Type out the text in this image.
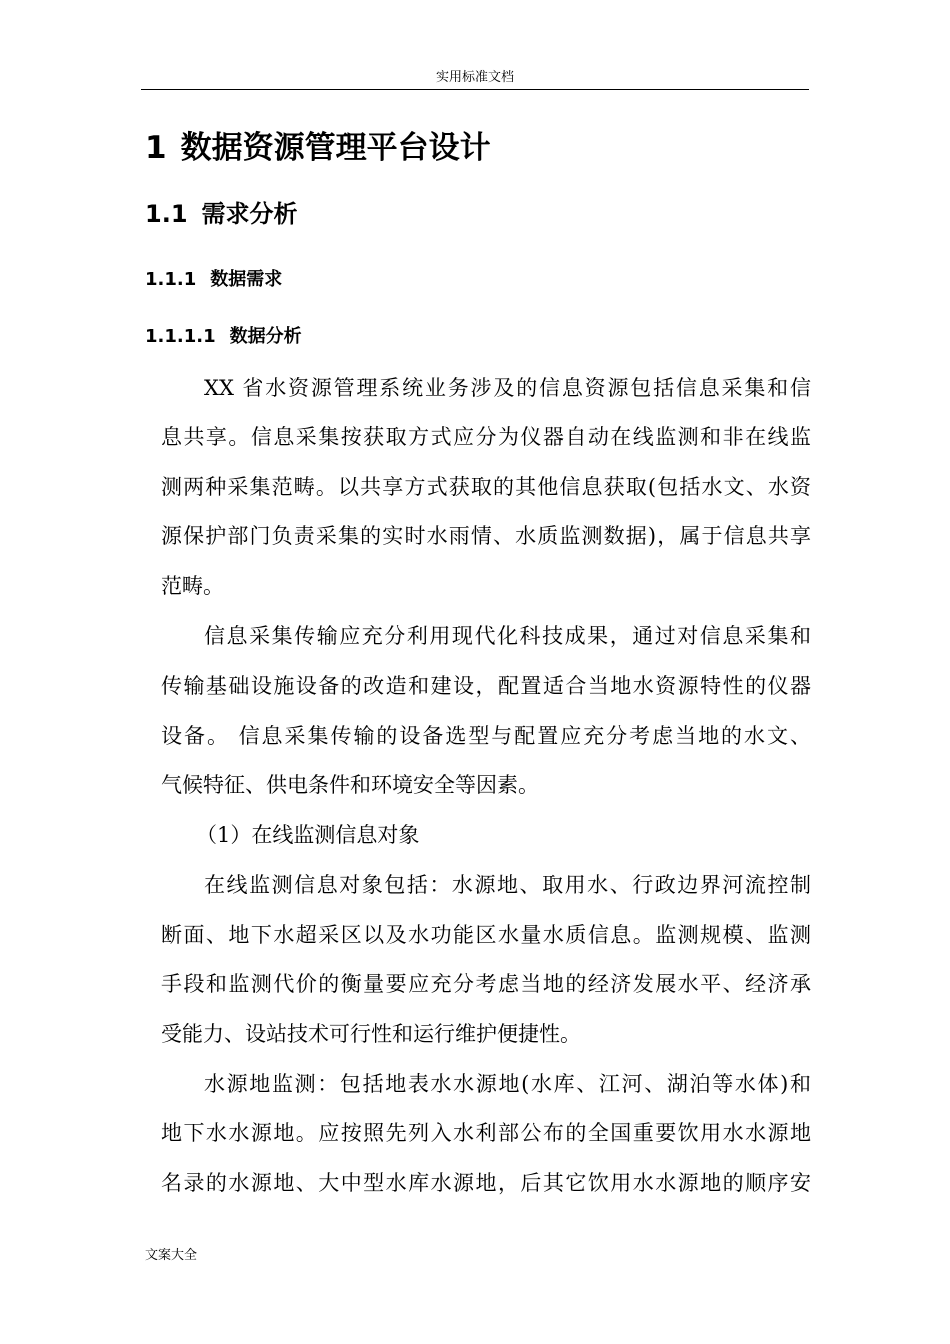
实用标准文档
1 数据资源管理平台设计
1.1 需求分析
1.1.1 数据需求
1.1.1.1 数据分析
XX 省水资源管理系统业务涉及的信息资源包括信息采集和信
息共享。信息采集按获取方式应分为仪器自动在线监测和非在线监
测两种采集范畴。以共享方式获取的其他信息获取(包括水文、水资
源保护部门负责采集的实时水雨情、水质监测数据)，属于信息共享
范畴。
信息采集传输应充分利用现代化科技成果，通过对信息采集和
传输基础设施设备的改造和建设，配置适合当地水资源特性的仪器
设备。 信息采集传输的设备选型与配置应充分考虑当地的水文、
气候特征、供电条件和环境安全等因素。
（1）在线监测信息对象
在线监测信息对象包括：水源地、取用水、行政边界河流控制
断面、地下水超采区以及水功能区水量水质信息。监测规模、监测
手段和监测代价的衡量要应充分考虑当地的经济发展水平、经济承
受能力、设站技术可行性和运行维护便捷性。
水源地监测：包括地表水水源地(水库、江河、湖泊等水体)和
地下水水源地。应按照先列入水利部公布的全国重要饮用水水源地
名录的水源地、大中型水库水源地，后其它饮用水水源地的顺序安
文案大全
